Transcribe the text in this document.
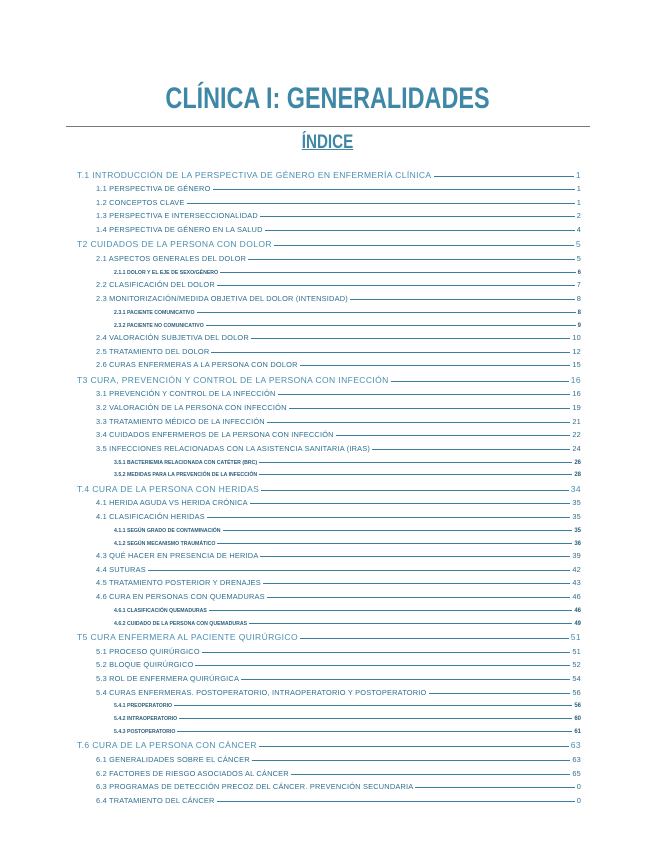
CLÍNICA I: GENERALIDADES
ÍNDICE
T.1 INTRODUCCIÓN DE LA PERSPECTIVA DE GÉNERO EN ENFERMERÍA CLÍNICA	1
1.1 PERSPECTIVA DE GÉNERO	1
1.2 CONCEPTOS CLAVE	1
1.3 PERSPECTIVA E INTERSECCIONALIDAD	2
1.4 PERSPECTIVA DE GÉNERO EN LA SALUD	4
T2 CUIDADOS DE LA PERSONA CON DOLOR	5
2.1 ASPECTOS GENERALES DEL DOLOR	5
2.1.1 DOLOR Y EL EJE DE SEXO/GÉNERO	6
2.2 CLASIFICACIÓN DEL DOLOR	7
2.3 MONITORIZACIÓN/MEDIDA OBJETIVA DEL DOLOR (INTENSIDAD)	8
2.3.1 PACIENTE COMUNICATIVO	8
2.3.2 PACIENTE NO COMUNICATIVO	9
2.4 VALORACIÓN SUBJETIVA DEL DOLOR	10
2.5 TRATAMIENTO DEL DOLOR	12
2.6 CURAS ENFERMERAS A LA PERSONA CON DOLOR	15
T3 CURA, PREVENCIÓN Y CONTROL DE LA PERSONA CON INFECCIÓN	16
3.1 PREVENCIÓN Y CONTROL DE LA INFECCIÓN	16
3.2 VALORACIÓN DE LA PERSONA CON INFECCIÓN	19
3.3 TRATAMIENTO MÉDICO DE LA INFECCIÓN	21
3.4 CUIDADOS ENFERMEROS DE LA PERSONA CON INFECCIÓN	22
3.5 INFECCIONES RELACIONADAS CON LA ASISTENCIA SANITARIA (IRAS)	24
3.5.1 BACTERIEMIA RELACIONADA CON CATÉTER (BRC)	26
3.5.2 MEDIDAS PARA LA PREVENCIÓN DE LA INFECCIÓN	28
T.4 CURA DE LA PERSONA CON HERIDAS	34
4.1 HERIDA AGUDA VS HERIDA CRÓNICA	35
4.1 CLASIFICACIÓN HERIDAS	35
4.1.1 SEGÚN GRADO DE CONTAMINACIÓN	35
4.1.2 SEGÚN MECANISMO TRAUMÁTICO	36
4.3 QUÉ HACER EN PRESENCIA DE HERIDA	39
4.4 SUTURAS	42
4.5 TRATAMIENTO POSTERIOR Y DRENAJES	43
4.6 CURA EN PERSONAS CON QUEMADURAS	46
4.6.1 CLASIFICACIÓN QUEMADURAS	46
4.6.2 CUIDADO DE LA PERSONA CON QUEMADURAS	49
T5 CURA ENFERMERA AL PACIENTE QUIRÚRGICO	51
5.1 PROCESO QUIRÚRGICO	51
5.2 BLOQUE QUIRÚRGICO	52
5.3 ROL DE ENFERMERA QUIRÚRGICA	54
5.4 CURAS ENFERMERAS. POSTOPERATORIO, INTRAOPERATORIO Y POSTOPERATORIO	56
5.4.1 PREOPERATORIO	56
5.4.2 INTRAOPERATORIO	60
5.4.3 POSTOPERATORIO	61
T.6 CURA DE LA PERSONA CON CÁNCER	63
6.1 GENERALIDADES SOBRE EL CÁNCER	63
6.2 FACTORES DE RIESGO ASOCIADOS AL CÁNCER	65
6.3 PROGRAMAS DE DETECCIÓN PRECOZ DEL CÁNCER. PREVENCIÓN SECUNDARIA	0
6.4 TRATAMIENTO DEL CÁNCER	0
